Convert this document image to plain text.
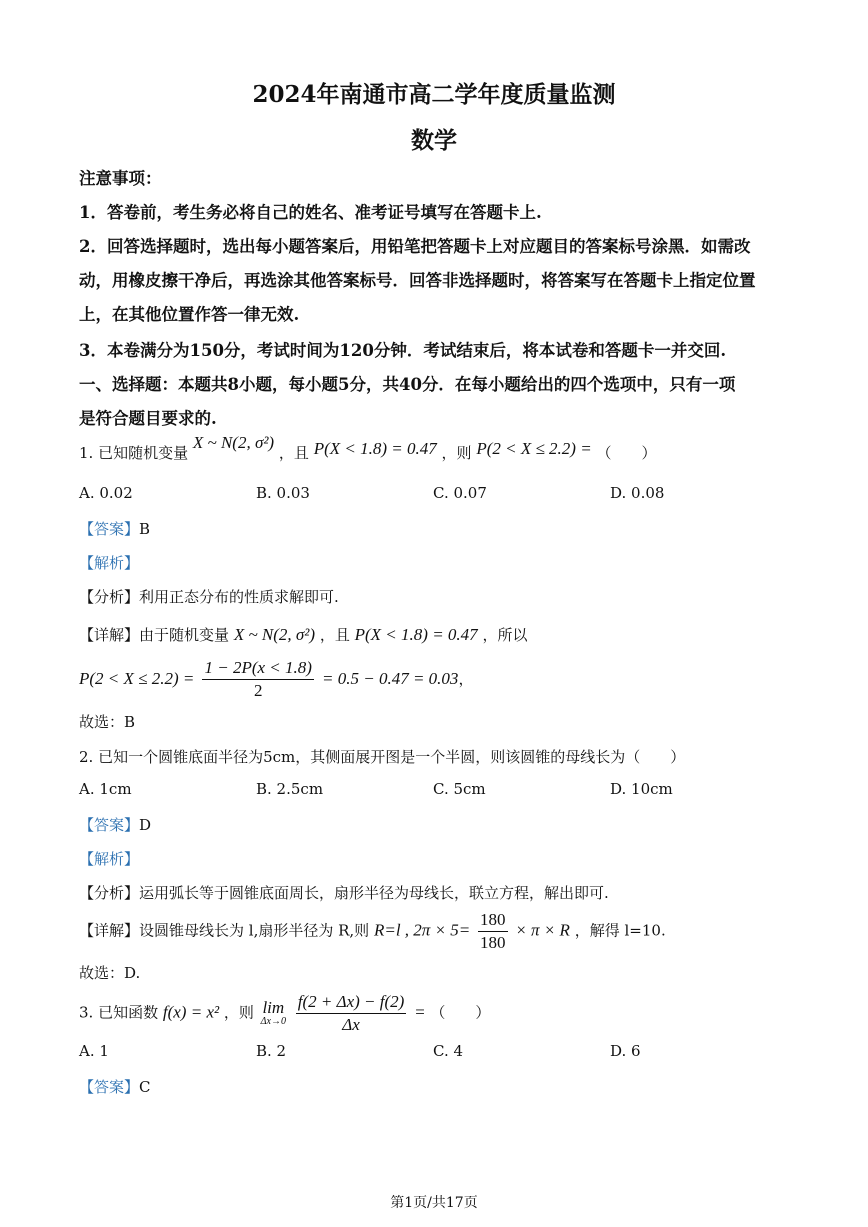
2024年南通市高二学年度质量监测
数学
注意事项：
1．答卷前，考生务必将自己的姓名、准考证号填写在答题卡上.
2．回答选择题时，选出每小题答案后，用铅笔把答题卡上对应题目的答案标号涂黑．如需改
动，用橡皮擦干净后，再选涂其他答案标号．回答非选择题时，将答案写在答题卡上指定位置
上，在其他位置作答一律无效.
3．本卷满分为150分，考试时间为120分钟．考试结束后，将本试卷和答题卡一并交回.
一、选择题：本题共8小题，每小题5分，共40分．在每小题给出的四个选项中，只有一项
是符合题目要求的.
1. 已知随机变量 X ~ N(2, σ²) ，且 P(X < 1.8) = 0.47 ，则 P(2 < X ≤ 2.2) = （　　）
A. 0.02	B. 0.03	C. 0.07	D. 0.08
【答案】B
【解析】
【分析】利用正态分布的性质求解即可.
【详解】由于随机变量 X ~ N(2, σ²) ，且 P(X < 1.8) = 0.47 ，所以
$P(2 < X \le 2.2) = \frac{1 - 2P(x < 1.8)}{2} = 0.5 - 0.47 = 0.03$，
故选：B
2. 已知一个圆锥底面半径为5cm，其侧面展开图是一个半圆，则该圆锥的母线长为（　　）
A. 1cm	B. 2.5cm	C. 5cm	D. 10cm
【答案】D
【解析】
【分析】运用弧长等于圆锥底面周长，扇形半径为母线长，联立方程，解出即可.
【详解】设圆锥母线长为 l,扇形半径为 R,则 R=l , $2\pi \times 5= \frac{180}{180} \times \pi \times R$ ，解得 l=10.
故选：D.
3. 已知函数 f(x) = x² ，则 lim
Δx→0
$\frac{f(2 + \Delta x) - f(2)}{\Delta x}$ = （　　）
A. 1	B. 2	C. 4	D. 6
【答案】C
第1页/共17页
